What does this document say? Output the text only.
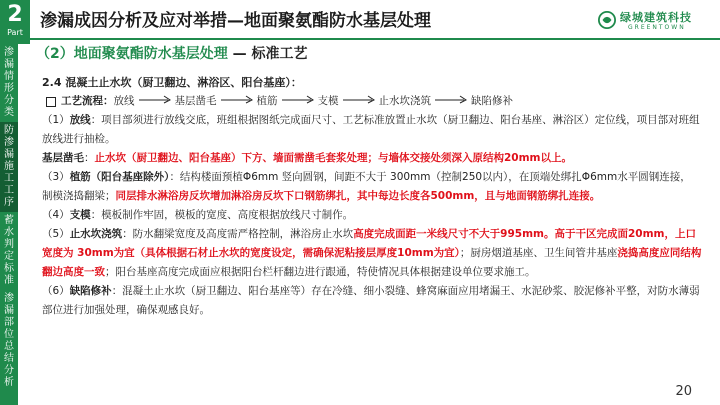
2
Part
渗漏成因分析及应对举措—地面聚氨酯防水基层处理	绿城建筑科技
GREENTOWN
渗
漏
情
形
分
类
防
渗
漏
施
工
工
序
蓄
水
判
定
标
准
渗
漏
部
位
总
结
分
析
（2）地面聚氨酯防水基层处理 — 标准工艺
2.4 混凝土止水坎（厨卫翻边、淋浴区、阳台基座）：
工艺流程： 放线	基层凿毛	植筋	支模	止水坎浇筑	缺陷修补
（1）放线：项目部须进行放线交底，班组根据图纸完成面尺寸、工艺标准放置止水坎（厨卫翻边、阳台基座、淋浴区）定位线，项目部对班组放线进行抽检。
基层凿毛：止水坎（厨卫翻边、阳台基座）下方、墙面需凿毛套浆处理；与墙体交接处须深入原结构20mm以上。
（3）植筋（阳台基座除外）：结构楼面预植Φ6mm 竖向圆钢，间距不大于 300mm（控制250以内），在顶端处绑扎Φ6mm水平圆钢连接，　制模浇捣翻梁；同层排水淋浴房反坎增加淋浴房反坎下口钢筋绑扎，其中每边长度各500mm，且与地面钢筋绑扎连接。
（4）支模：模板制作牢固，模板的宽度、高度根据放线尺寸制作。
（5）止水坎浇筑：防水翻梁宽度及高度需严格控制，淋浴房止水坎高度完成面距一米线尺寸不大于995mm。高于干区完成面20mm，上口宽度为 30mm为宜（具体根据石材止水坎的宽度设定，需确保泥粘接层厚度10mm为宜）；厨房烟道基座、卫生间管井基座浇捣高度应同结构翻边高度一致；阳台基座高度完成面应根据阳台栏杆翻边进行跟通，特使情况具体根据建设单位要求施工。
（6）缺陷修补：混凝土止水坎（厨卫翻边、阳台基座等）存在冷缝、细小裂缝、蜂窝麻面应用堵漏王、水泥砂浆、胶泥修补平整，对防水薄弱部位进行加强处理，确保观感良好。
20
